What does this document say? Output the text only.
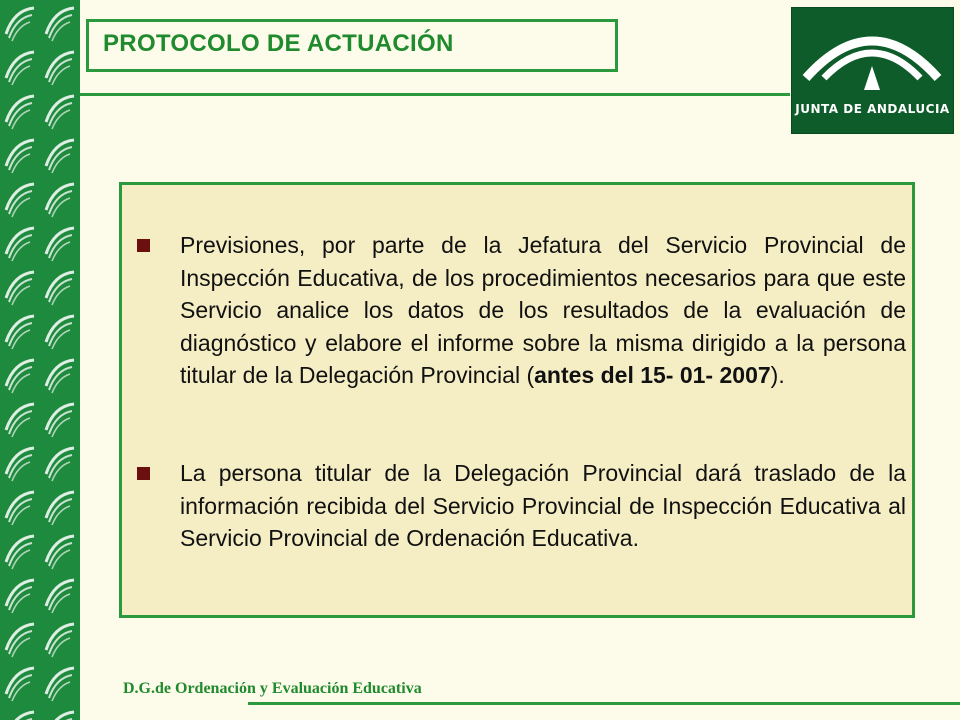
PROTOCOLO DE ACTUACIÓN
JUNTA DE ANDALUCIA
Previsiones, por parte de la Jefatura del Servicio Provincial de Inspección Educativa, de los procedimientos necesarios para que este Servicio analice los datos de los resultados de la evaluación de diagnóstico y elabore el informe sobre la misma dirigido a la persona titular de la Delegación Provincial (antes del 15- 01- 2007).
La persona titular de la Delegación Provincial dará traslado de la información recibida del Servicio Provincial de Inspección Educativa al Servicio Provincial de Ordenación Educativa.
D.G.de Ordenación y Evaluación Educativa
